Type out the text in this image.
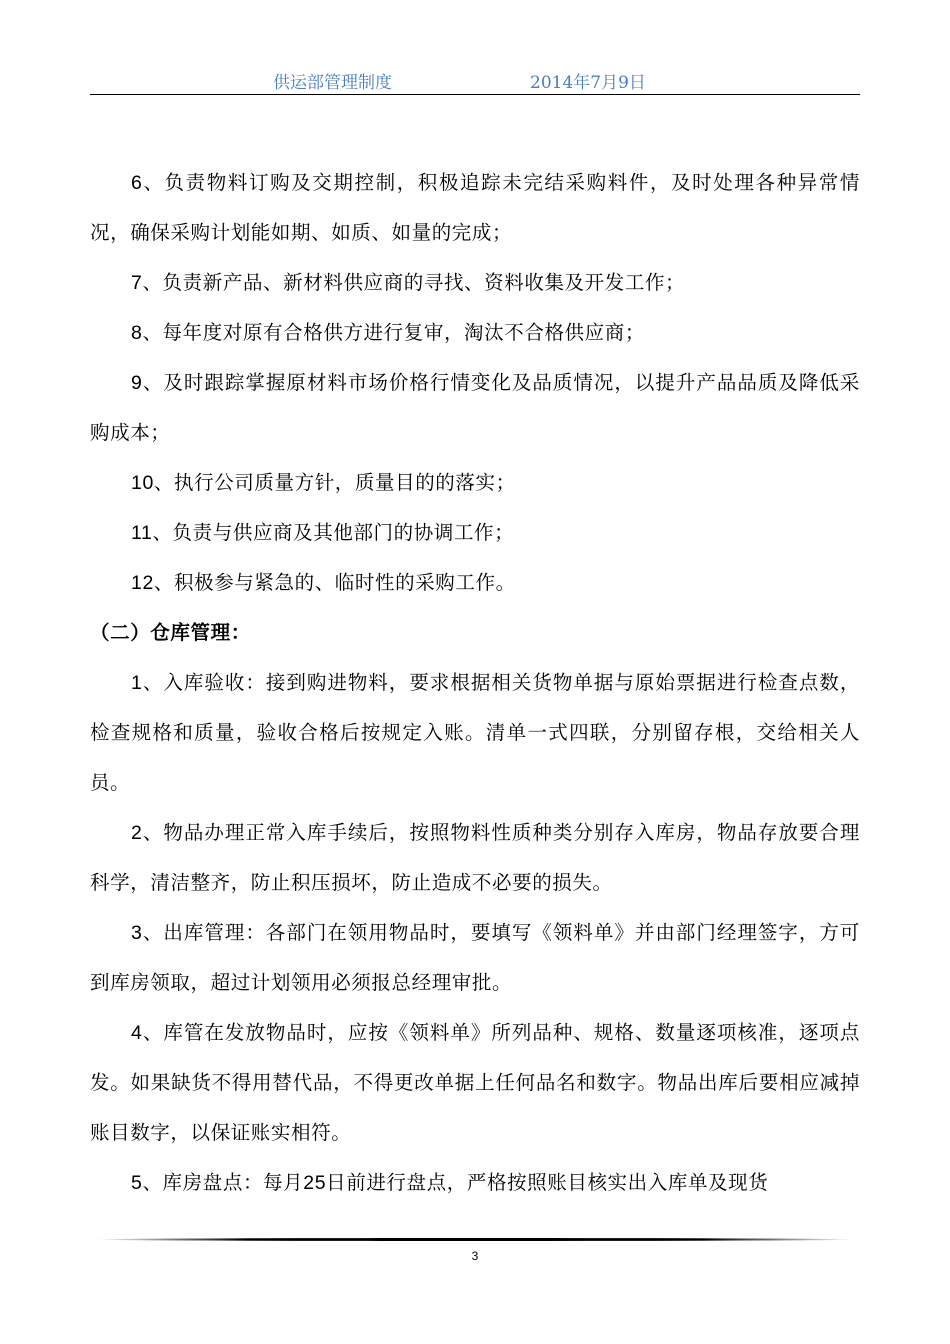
供运部管理制度	2014年7月9日

6、负责物料订购及交期控制，积极追踪未完结采购料件，及时处理各种异常情况，确保采购计划能如期、如质、如量的完成；

7、负责新产品、新材料供应商的寻找、资料收集及开发工作；

8、每年度对原有合格供方进行复审，淘汰不合格供应商；

9、及时跟踪掌握原材料市场价格行情变化及品质情况，以提升产品品质及降低采购成本；

10、执行公司质量方针，质量目的的落实；

11、负责与供应商及其他部门的协调工作；

12、积极参与紧急的、临时性的采购工作。

（二）仓库管理：

1、入库验收：接到购进物料，要求根据相关货物单据与原始票据进行检查点数，检查规格和质量，验收合格后按规定入账。清单一式四联，分别留存根，交给相关人员。

2、物品办理正常入库手续后，按照物料性质种类分别存入库房，物品存放要合理科学，清洁整齐，防止积压损坏，防止造成不必要的损失。

3、出库管理：各部门在领用物品时，要填写《领料单》并由部门经理签字，方可到库房领取，超过计划领用必须报总经理审批。

4、库管在发放物品时，应按《领料单》所列品种、规格、数量逐项核准，逐项点发。如果缺货不得用替代品，不得更改单据上任何品名和数字。物品出库后要相应减掉账目数字，以保证账实相符。

5、库房盘点：每月25日前进行盘点，严格按照账目核实出入库单及现货

3
